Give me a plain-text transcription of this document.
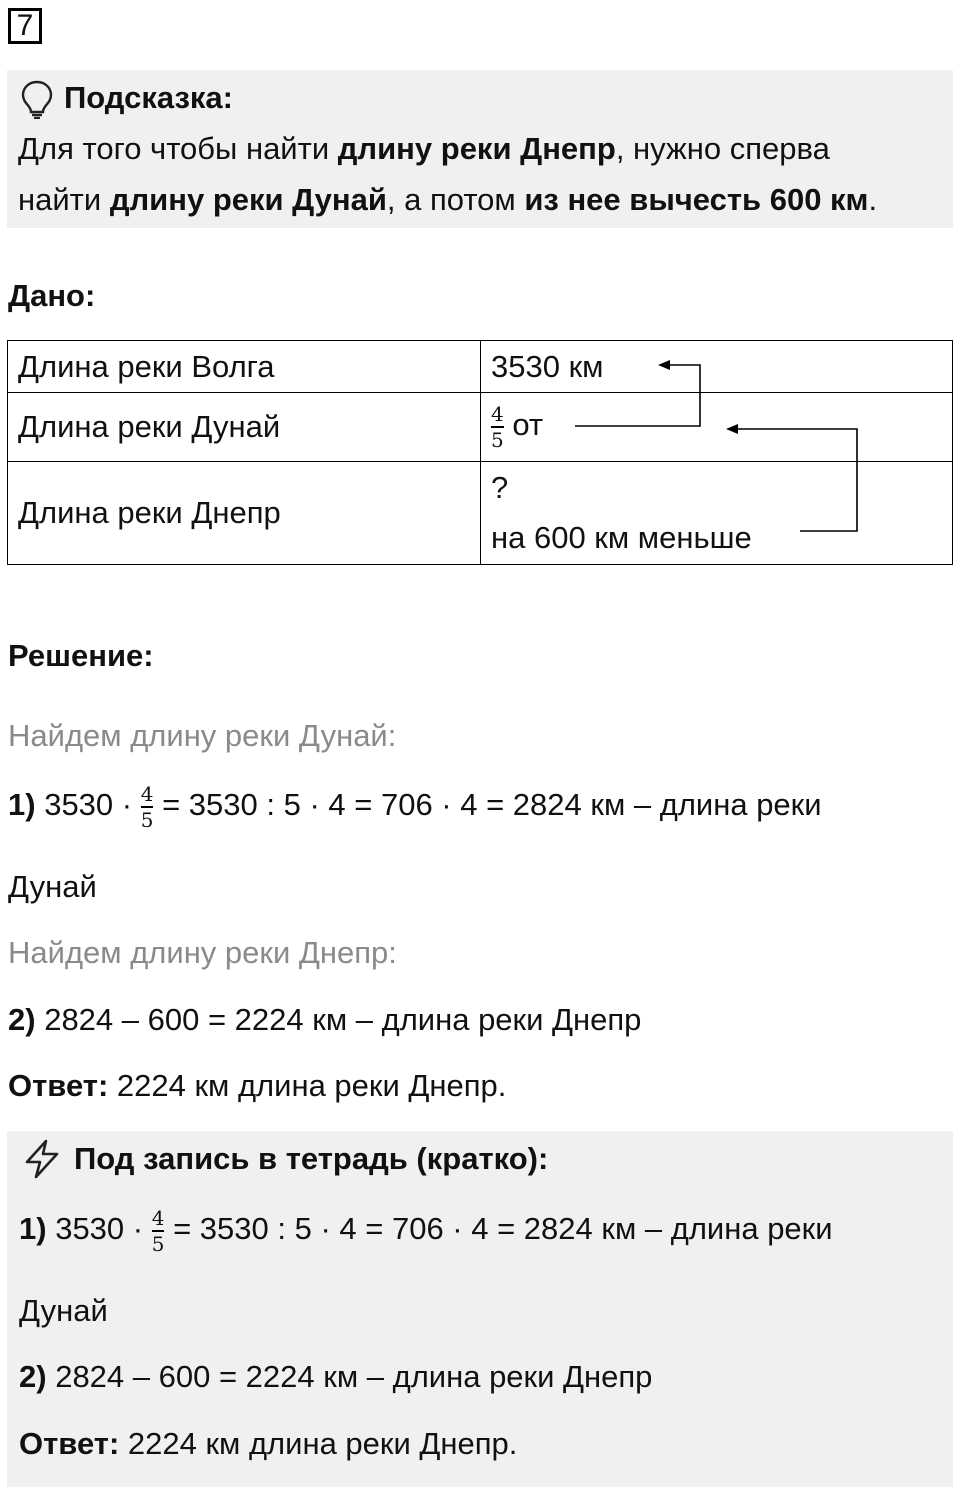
7
Подсказка:
Для того чтобы найти длину реки Днепр, нужно сперва
найти длину реки Дунай, а потом из нее вычесть 600 км.
Дано:
Длина реки Волга	3530 км
Длина реки Дунай	$\frac{4}{5}$ от
Длина реки Днепр	?
на 600 км меньше
Решение:
Найдем длину реки Дунай:
1) $3530 \cdot \frac{4}{5} = 3530$ : 5 · 4 = 706 · 4 = 2824 км – длина реки
Дунай
Найдем длину реки Днепр:
2) 2824 – 600 = 2224 км – длина реки Днепр
Ответ: 2224 км длина реки Днепр.
Под запись в тетрадь (кратко):
1) $3530 \cdot \frac{4}{5} = 3530$ : 5 · 4 = 706 · 4 = 2824 км – длина реки
Дунай
2) 2824 – 600 = 2224 км – длина реки Днепр
Ответ: 2224 км длина реки Днепр.
